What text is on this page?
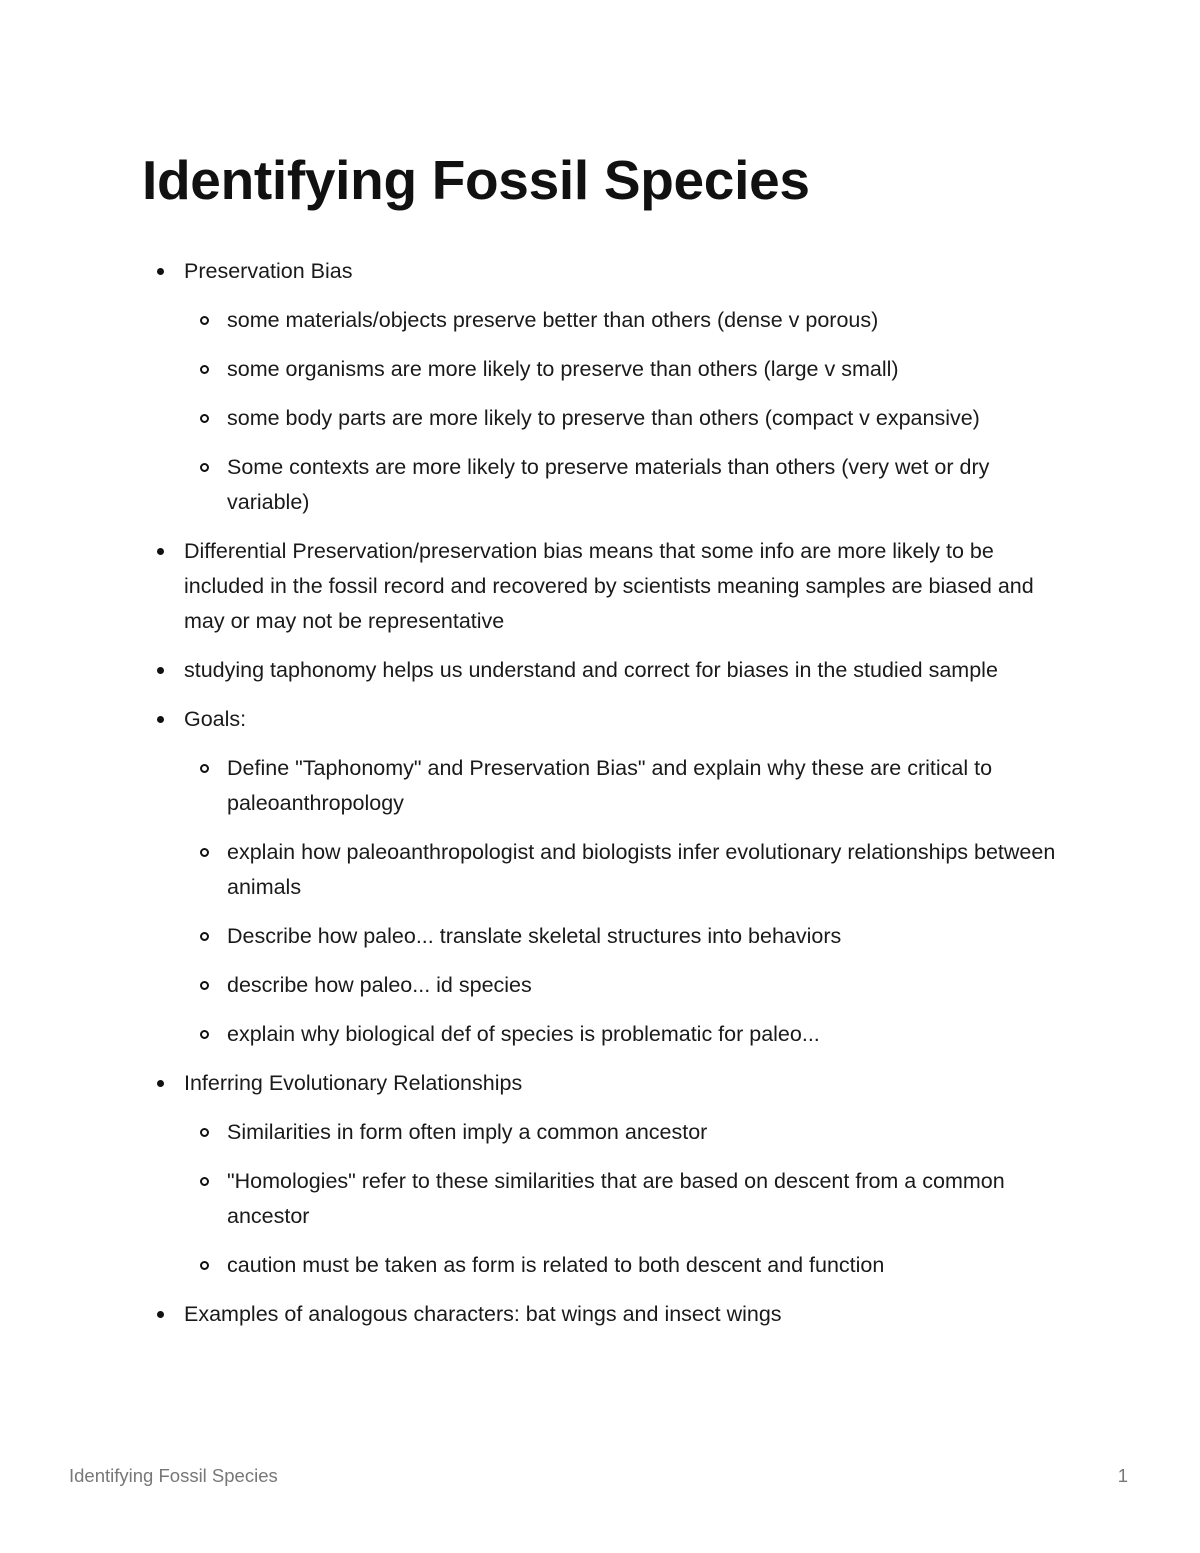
Identifying Fossil Species
Preservation Bias
some materials/objects preserve better than others (dense v porous)
some organisms are more likely to preserve than others (large v small)
some body parts are more likely to preserve than others (compact v expansive)
Some contexts are more likely to preserve materials than others (very wet or dry variable)
Differential Preservation/preservation bias means that some info are more likely to be included in the fossil record and recovered by scientists meaning samples are biased and may or may not be representative
studying taphonomy helps us understand and correct for biases in the studied sample
Goals:
Define "Taphonomy" and Preservation Bias" and explain why these are critical to paleoanthropology
explain how paleoanthropologist and biologists infer evolutionary relationships between animals
Describe how paleo... translate skeletal structures into behaviors
describe how paleo... id species
explain why biological def of species is problematic for paleo...
Inferring Evolutionary Relationships
Similarities in form often imply a common ancestor
"Homologies" refer to these similarities that are based on descent from a common ancestor
caution must be taken as form is related to both descent and function
Examples of analogous characters: bat wings and insect wings
Identifying Fossil Species	1
